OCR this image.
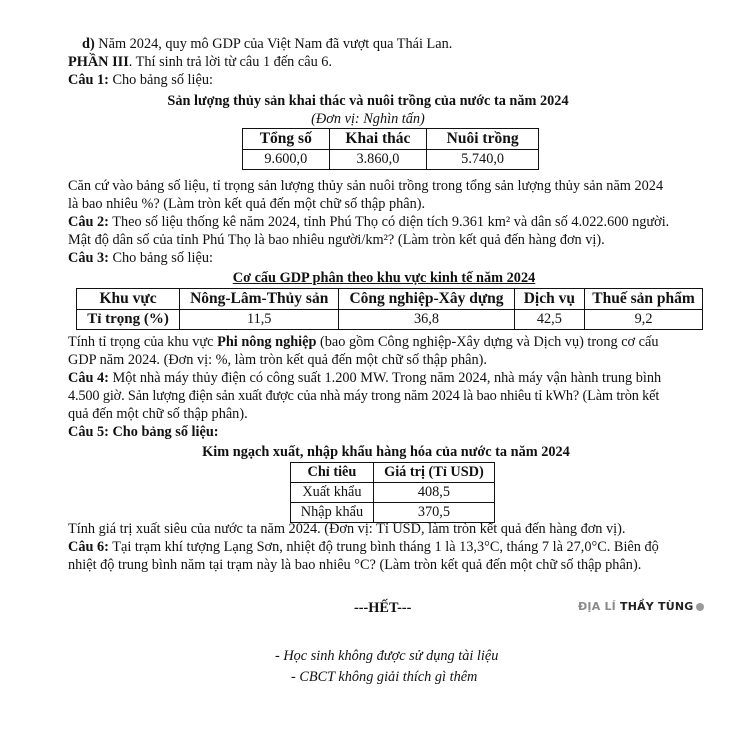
d) Năm 2024, quy mô GDP của Việt Nam đã vượt qua Thái Lan.
PHẦN III. Thí sinh trả lời từ câu 1 đến câu 6.
Câu 1: Cho bảng số liệu:
Sản lượng thủy sản khai thác và nuôi trồng của nước ta năm 2024
(Đơn vị: Nghìn tấn)
Tổng số	Khai thác	Nuôi trồng
9.600,0	3.860,0	5.740,0
Căn cứ vào bảng số liệu, tỉ trọng sản lượng thủy sản nuôi trồng trong tổng sản lượng thủy sản năm 2024
là bao nhiêu %? (Làm tròn kết quả đến một chữ số thập phân).
Câu 2: Theo số liệu thống kê năm 2024, tỉnh Phú Thọ có diện tích 9.361 km² và dân số 4.022.600 người.
Mật độ dân số của tỉnh Phú Thọ là bao nhiêu người/km²? (Làm tròn kết quả đến hàng đơn vị).
Câu 3: Cho bảng số liệu:
Cơ cấu GDP phân theo khu vực kinh tế năm 2024
Khu vực	Nông-Lâm-Thủy sản	Công nghiệp-Xây dựng	Dịch vụ	Thuế sản phẩm
Tỉ trọng (%)	11,5	36,8	42,5	9,2
Tính tỉ trọng của khu vực Phi nông nghiệp (bao gồm Công nghiệp-Xây dựng và Dịch vụ) trong cơ cấu
GDP năm 2024. (Đơn vị: %, làm tròn kết quả đến một chữ số thập phân).
Câu 4: Một nhà máy thủy điện có công suất 1.200 MW. Trong năm 2024, nhà máy vận hành trung bình
4.500 giờ. Sản lượng điện sản xuất được của nhà máy trong năm 2024 là bao nhiêu tỉ kWh? (Làm tròn kết
quả đến một chữ số thập phân).
Câu 5: Cho bảng số liệu:
Kim ngạch xuất, nhập khẩu hàng hóa của nước ta năm 2024
Chỉ tiêu	Giá trị (Tỉ USD)
Xuất khẩu	408,5
Nhập khẩu	370,5
Tính giá trị xuất siêu của nước ta năm 2024. (Đơn vị: Tỉ USD, làm tròn kết quả đến hàng đơn vị).
Câu 6: Tại trạm khí tượng Lạng Sơn, nhiệt độ trung bình tháng 1 là 13,3°C, tháng 7 là 27,0°C. Biên độ
nhiệt độ trung bình năm tại trạm này là bao nhiêu °C? (Làm tròn kết quả đến một chữ số thập phân).
---HẾT---	ĐỊA LÍ THẦY TÙNG
- Học sinh không được sử dụng tài liệu
- CBCT không giải thích gì thêm
